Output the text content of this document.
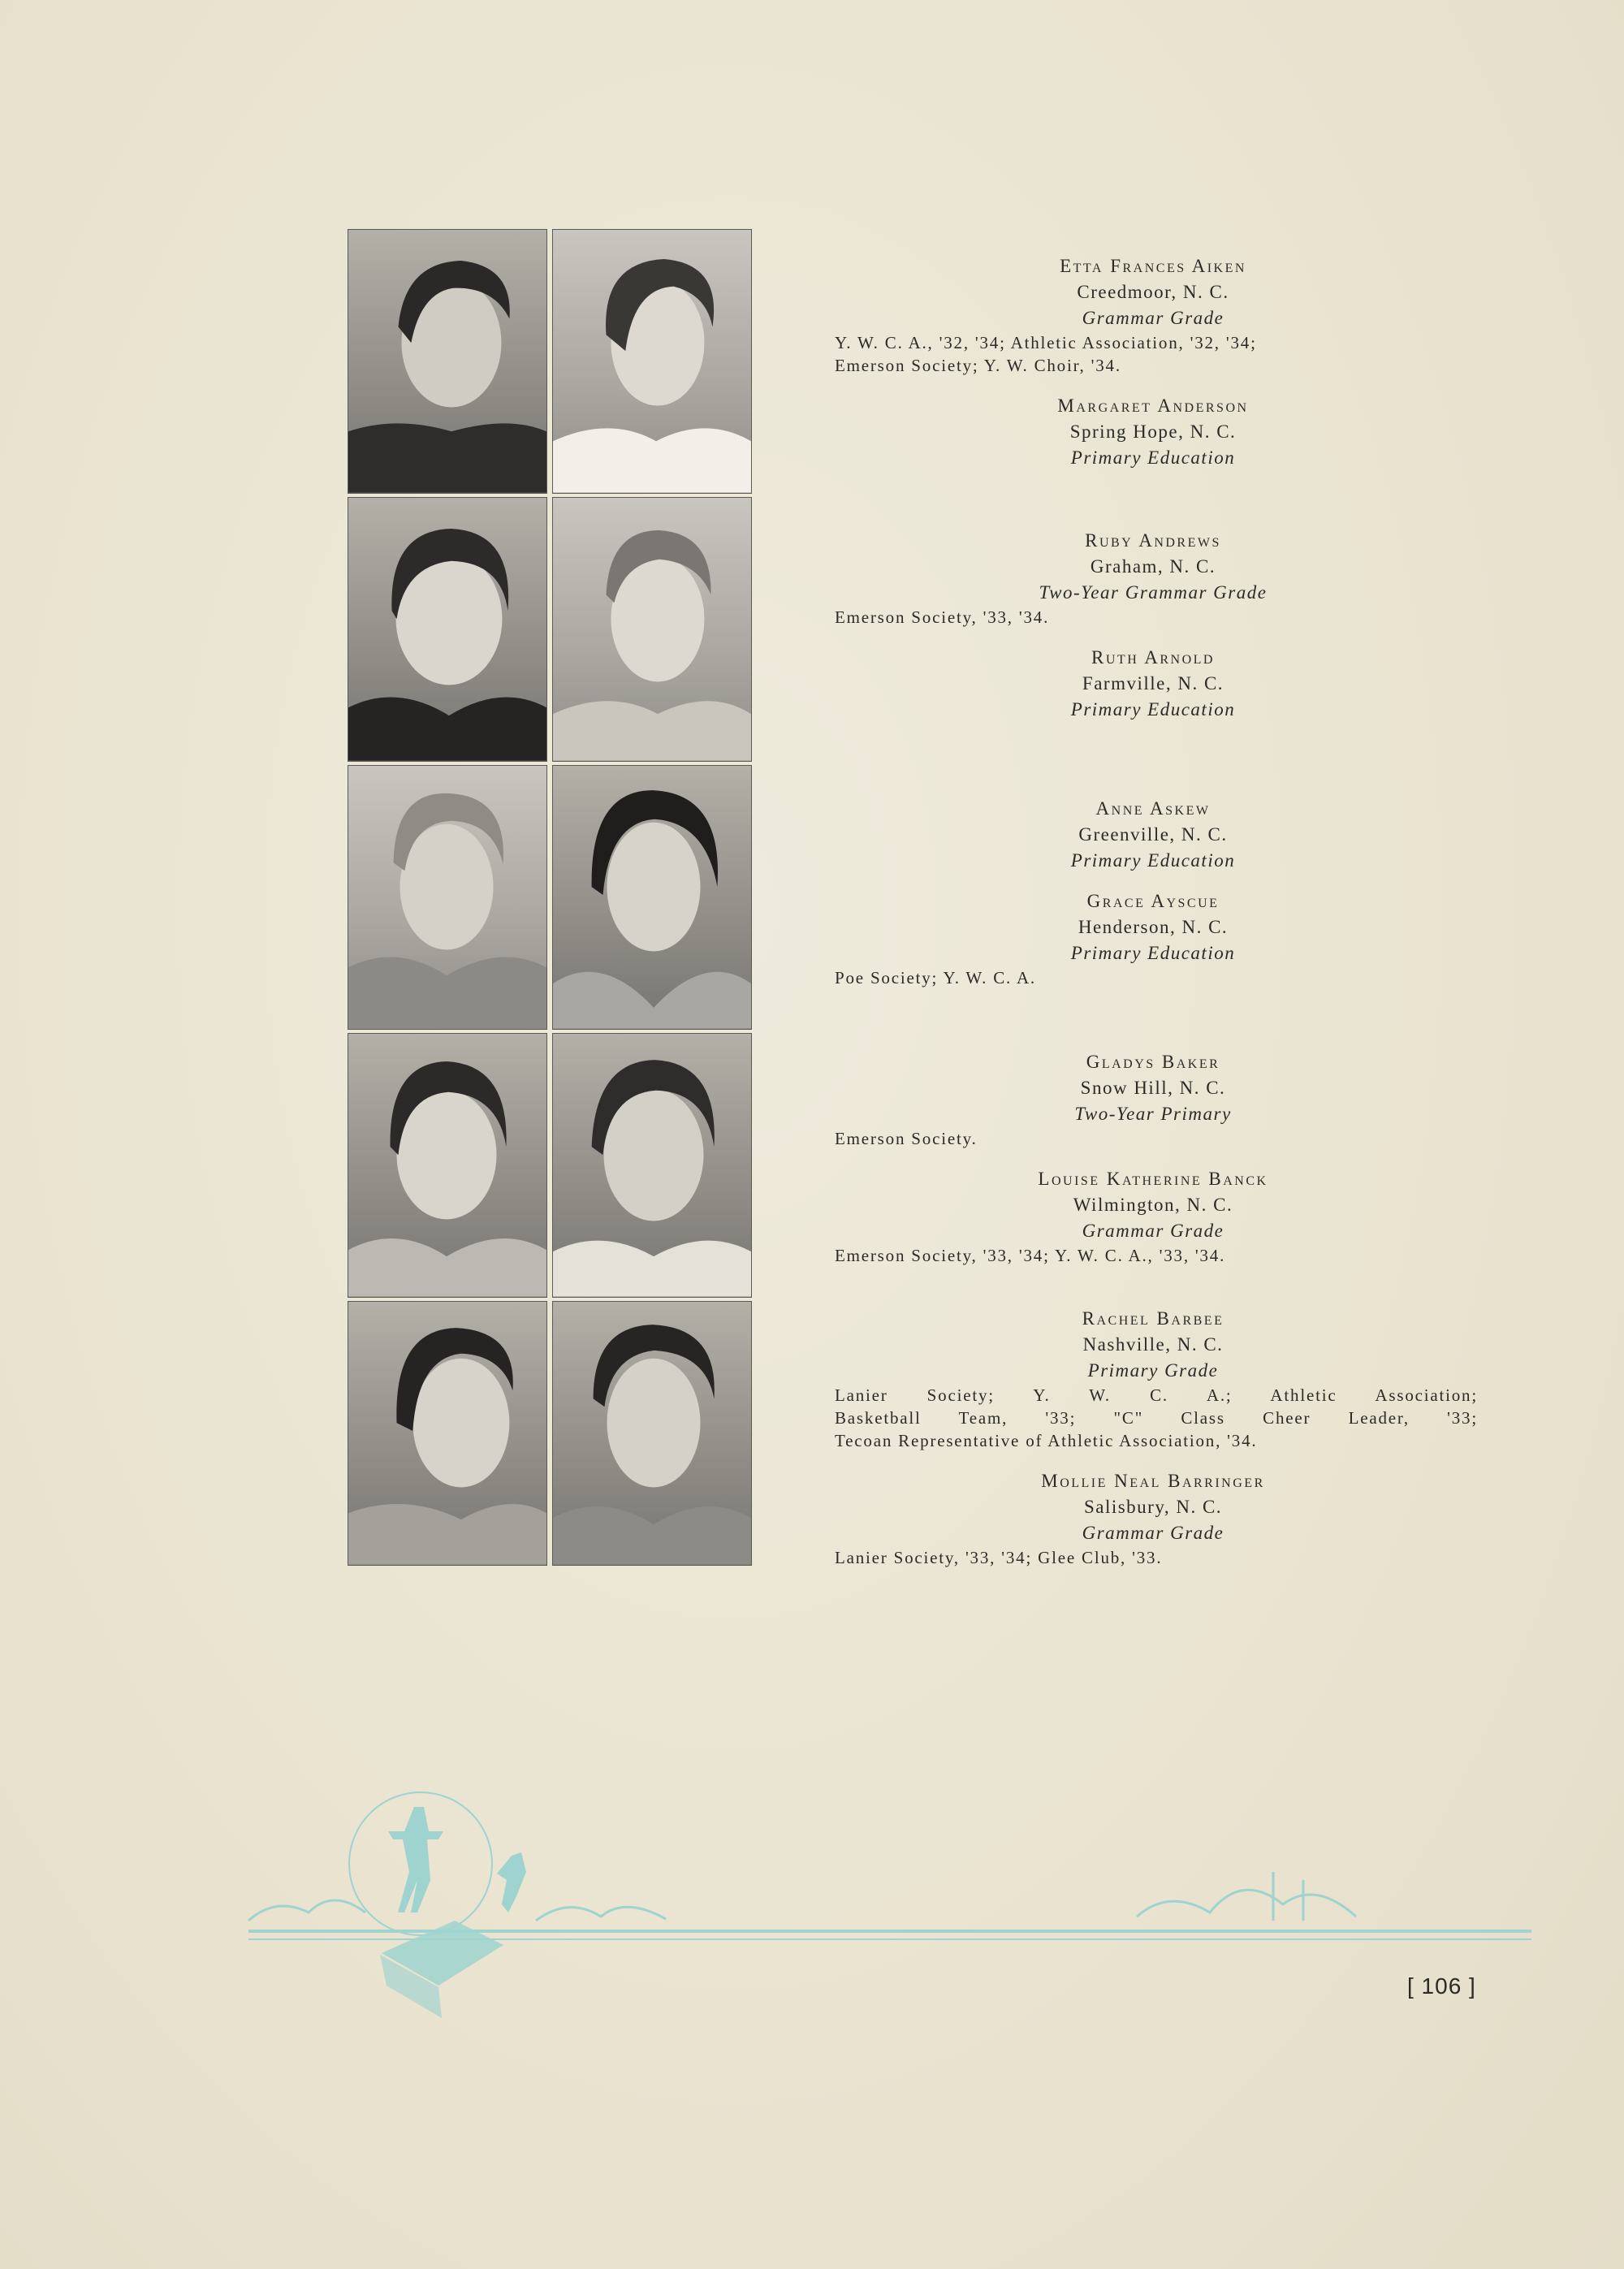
Etta Frances Aiken
Creedmoor, N. C.
Grammar Grade
Y. W. C. A., '32, '34; Athletic Association, '32, '34;
Emerson Society; Y. W. Choir, '34.
Margaret Anderson
Spring Hope, N. C.
Primary Education
Ruby Andrews
Graham, N. C.
Two-Year Grammar Grade
Emerson Society, '33, '34.
Ruth Arnold
Farmville, N. C.
Primary Education
Anne Askew
Greenville, N. C.
Primary Education
Grace Ayscue
Henderson, N. C.
Primary Education
Poe Society; Y. W. C. A.
Gladys Baker
Snow Hill, N. C.
Two-Year Primary
Emerson Society.
Louise Katherine Banck
Wilmington, N. C.
Grammar Grade
Emerson Society, '33, '34; Y. W. C. A., '33, '34.
Rachel Barbee
Nashville, N. C.
Primary Grade
Lanier Society; Y. W. C. A.; Athletic Association;
Basketball Team, '33; "C" Class Cheer Leader, '33;
Tecoan Representative of Athletic Association, '34.
Mollie Neal Barringer
Salisbury, N. C.
Grammar Grade
Lanier Society, '33, '34; Glee Club, '33.
[ 106 ]
